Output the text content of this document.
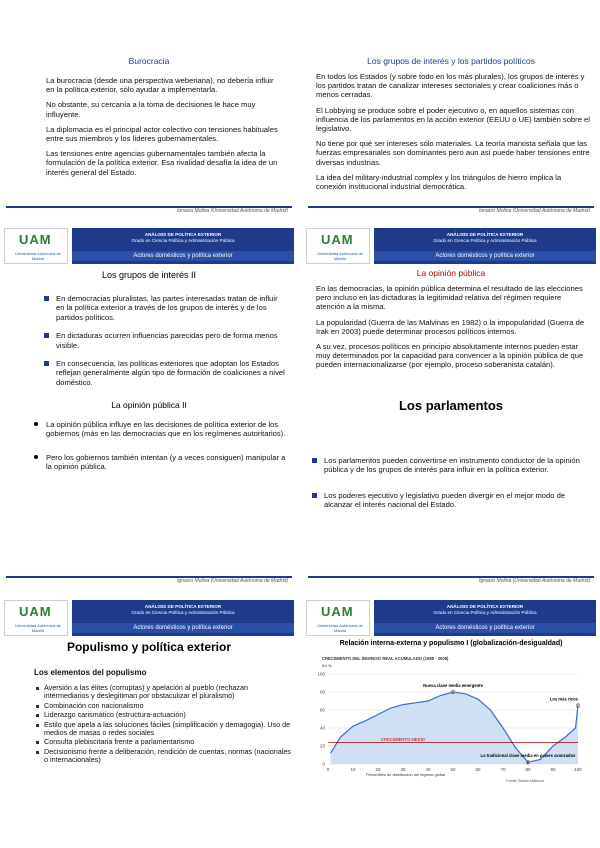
Burocracia

La burocracia (desde una perspectiva weberiana), no debería influir en la política exterior, sólo ayudar a implementarla.

No obstante, su cercanía a la toma de decisiones le hace muy influyente.

La diplomacia es el principal actor colectivo con tensiones habituales entre sus miembros y los líderes gubernamentales.

Las tensiones entre agencias gubernamentales también afecta la formulación de la política exterior. Esa rivalidad desafía la idea de un interés general del Estado.

Ignacio Molina (Universidad Autónoma de Madrid)
Los grupos de interés y los partidos políticos

En todos los Estados (y sobre todo en los más plurales), los grupos de interés y los partidos tratan de canalizar intereses sectoriales y crear coaliciones más o menos cerradas.

El Lobbying se produce sobre el poder ejecutivo o, en aquellos sistemas con influencia de los parlamentos en la acción exterior (EEUU o UE) también sobre el legislativo.

No tiene por qué ser intereses sólo materiales. La teoría marxista señala que las fuerzas empresariales son dominantes pero aun así puede haber tensiones entre diversas industrias.

La idea del military-industrial complex y los triángulos de hierro implica la conexión institucional industrial democrática.

Ignacio Molina (Universidad Autónoma de Madrid)
UAM
Universidad Autónoma de Madrid
ANÁLISIS DE POLÍTICA EXTERIOR
Grado en Ciencia Política y Administración Pública
Actores domésticos y política exterior
Los grupos de interés II
En democracias pluralistas, las partes interesadas tratan de influir en la política exterior a través de los grupos de interés y de los partidos políticos.
En dictaduras ocurren influencias parecidas pero de forma menos visible.
En consecuencia, las políticas exteriores que adoptan los Estados reflejan generalmente algún tipo de formación de coaliciones a nivel doméstico.
UAM
Universidad Autónoma de Madrid
ANÁLISIS DE POLÍTICA EXTERIOR
Grado en Ciencia Política y Administración Pública
Actores domésticos y política exterior
La opinión pública

En las democracias, la opinión pública determina el resultado de las elecciones pero incluso en las dictaduras la legitimidad relativa del régimen requiere atención a la misma.

La popularidad (Guerra de las Malvinas en 1982) o la impopularidad (Guerra de Irak en 2003) puede determinar procesos políticos internos.

A su vez, procesos políticos en principio absolutamente internos pueden estar muy determinados por la capacidad para convencer a la opinión pública de que pueden internacionalizarse (por ejemplo, proceso soberanista catalán).

La opinión pública II
La opinión pública influye en las decisiones de política exterior de los gobiernos (más en las democracias que en los regímenes autoritarios).
Pero los gobiernos también intentan (y a veces consiguen) manipular a la opinión pública.
Ignacio Molina (Universidad Autónoma de Madrid)
Los parlamentos
Los parlamentos pueden convertirse en instrumento conductor de la opinión pública y de los grupos de interés para influir en la política exterior.
Los poderes ejecutivo y legislativo pueden divergir en el mejor modo de alcanzar el interés nacional del Estado.
Ignacio Molina (Universidad Autónoma de Madrid)
UAM
Universidad Autónoma de Madrid
ANÁLISIS DE POLÍTICA EXTERIOR
Grado en Ciencia Política y Administración Pública
Actores domésticos y política exterior
Populismo y política exterior
Los elementos del populismo
Aversión a las élites (corruptas) y apelación al pueblo (rechazan intermediarios y deslegitiman por obstaculizar el pluralismo)
Combinación con nacionalismo
Liderazgo carismático (estructura-actuación)
Estilo que apela a las soluciones fáciles (simplificación y demagogia). Uso de medios de masas o redes sociales
Consulta plebiscitaria frente a parlamentarismo
Decisionismo frente a deliberación, rendición de cuentas, normas (nacionales o internacionales)
UAM
Universidad Autónoma de Madrid
ANÁLISIS DE POLÍTICA EXTERIOR
Grado en Ciencia Política y Administración Pública
Actores domésticos y política exterior
Relación interna-externa y populismo I (globalización-desigualdad)
CRECIMIENTO DEL INGRESO REAL ACUMULADO (1988 - 2008)
En %
A
Nueva clase media emergente
C
Los más ricos
B
La tradicional clase media en países avanzados
CRECIMIENTO MEDIO
0
20
40
60
80
100
0	10	20	30	40	50	60	70	80	90	100
Percentiles de distribución del ingreso global
Fuente: Branko Milanovic
